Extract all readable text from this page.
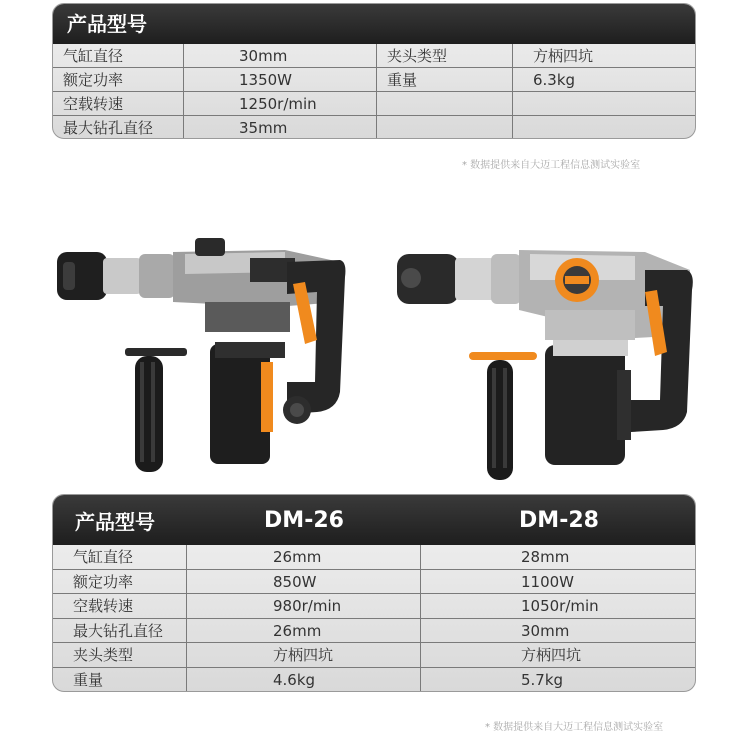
产品型号
气缸直径	30mm	夹头类型	方柄四坑
额定功率	1350W	重量	6.3kg
空载转速	1250r/min
最大钻孔直径	35mm
* 数据提供来自大迈工程信息测试实验室
产品型号	DM-26	DM-28
气缸直径	26mm	28mm
额定功率	850W	1100W
空载转速	980r/min	1050r/min
最大钻孔直径	26mm	30mm
夹头类型	方柄四坑	方柄四坑
重量	4.6kg	5.7kg
* 数据提供来自大迈工程信息测试实验室
